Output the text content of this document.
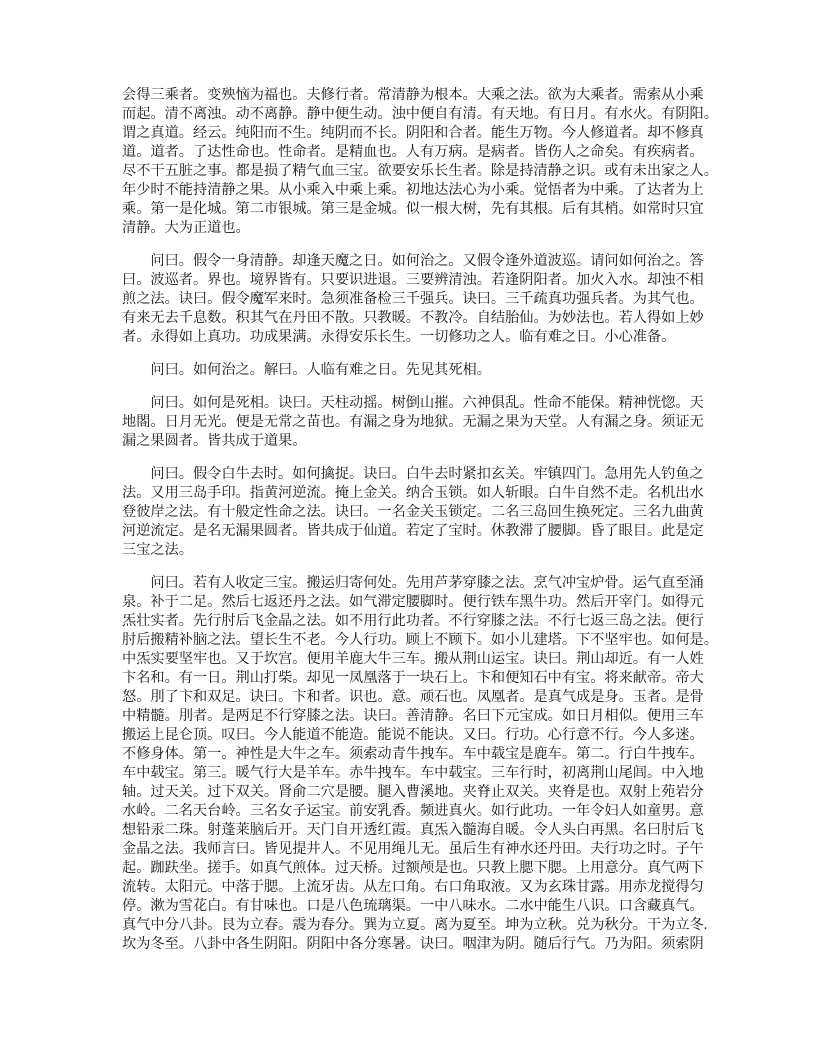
会得三乘者。变殃恼为福也。夫修行者。常清静为根本。大乘之法。欲为大乘者。需索从小乘
而起。清不离浊。动不离静。静中便生动。浊中便自有清。有天地。有日月。有水火。有阴阳。
谓之真道。经云。纯阳而不生。纯阴而不长。阴阳和合者。能生万物。今人修道者。却不修真
道。道者。了达性命也。性命者。是精血也。人有万病。是病者。皆伤人之命矣。有疾病者。
尽不干五脏之事。都是损了精气血三宝。欲要安乐长生者。除是持清静之识。或有未出家之人。
年少时不能持清静之果。从小乘入中乘上乘。初地达法心为小乘。觉悟者为中乘。了达者为上
乘。第一是化城。第二市银城。第三是金城。似一根大树，先有其根。后有其梢。如常时只宜
清静。大为正道也。
　　问曰。假令一身清静。却逢天魔之日。如何治之。又假令逢外道波巡。请问如何治之。答
曰。波巡者。界也。境界皆有。只要识进退。三要辨清浊。若逢阴阳者。加火入水。却浊不相
煎之法。诀曰。假令魔军来时。急须准备检三千强兵。诀曰。三千疏真功强兵者。为其气也。
有来无去千息数。积其气在丹田不散。只教暖。不教冷。自结胎仙。为妙法也。若人得如上妙
者。永得如上真功。功成果满。永得安乐长生。一切修功之人。临有难之日。小心准备。
　　问曰。如何治之。解曰。人临有难之日。先见其死相。
　　问曰。如何是死相。诀曰。天柱动摇。树倒山摧。六神俱乱。性命不能保。精神恍惚。天
地閤。日月无光。便是无常之苗也。有漏之身为地狱。无漏之果为天堂。人有漏之身。须证无
漏之果圆者。皆共成于道果。
　　问曰。假令白牛去时。如何擒捉。诀曰。白牛去时紧扣玄关。牢镇四门。急用先人钓鱼之
法。又用三岛手印。指黄河逆流。掩上金关。纳合玉锁。如人斩眼。白牛自然不走。名机出水
登彼岸之法。有十般定性命之法。诀曰。一名金关玉锁定。二名三岛回生换死定。三名九曲黄
河逆流定。是名无漏果圆者。皆共成于仙道。若定了宝时。休教滞了腰脚。昏了眼目。此是定
三宝之法。
　　问曰。若有人收定三宝。搬运归寄何处。先用芦茅穿膝之法。烹气冲宝炉骨。运气直至涌
泉。补于二足。然后七返还丹之法。如气滞定腰脚时。便行铁车黑牛功。然后开宰门。如得元
炁壮实者。先行肘后飞金晶之法。如不用行此功者。不行穿膝之法。不行七返三岛之法。便行
肘后搬精补脑之法。望长生不老。今人行功。顾上不顾下。如小儿建塔。下不坚牢也。如何是。
中炁实要坚牢也。又于坎宫。便用羊鹿大牛三车。搬从荆山运宝。诀曰。荆山却近。有一人姓
卞名和。有一日。荆山打柴。却见一凤凰落于一块石上。卞和便知石中有宝。将来献帝。帝大
怒。刖了卞和双足。诀曰。卞和者。识也。意。顽石也。凤凰者。是真气成是身。玉者。是骨
中精髓。刖者。是两足不行穿膝之法。诀曰。善清静。名曰下元宝成。如日月相似。便用三车
搬运上昆仑顶。叹曰。今人能道不能造。能说不能诀。又曰。行功。心行意不行。今人多迷。
不修身体。第一。神性是大牛之车。须索动青牛拽车。车中载宝是鹿车。第二。行白牛拽车。
车中载宝。第三。暖气行大是羊车。赤牛拽车。车中载宝。三车行时，初离荆山尾闾。中入地
轴。过天关。过下双关。肾俞二穴是腰。腿入曹溪地。夹脊止双关。夹脊是也。双射上苑岩分
水岭。二名天台岭。三名女子运宝。前安乳香。频进真火。如行此功。一年令妇人如童男。意
想铅汞二珠。射蓬莱脑后开。天门自开透红霞。真炁入髓海自暖。令人头白再黑。名曰肘后飞
金晶之法。我师言曰。皆见提井人。不见用绳儿无。虽后生有神水还丹田。夫行功之时。子午
起。跏趺坐。搓手。如真气煎体。过天桥。过额颅是也。只教上腮下腮。上用意分。真气两下
流转。太阳元。中落于腮。上流牙齿。从左口角。右口角取液。又为玄珠甘露。用赤龙搅得匀
停。漱为雪花白。有甘味也。口是八色琉璃渠。一中八味水。二水中能生八识。口含藏真气。
真气中分八卦。艮为立春。震为春分。巽为立夏。离为夏至。坤为立秋。兑为秋分。干为立冬.
坎为冬至。八卦中各生阴阳。阴阳中各分寒暑。诀曰。咽津为阴。随后行气。乃为阳。须索阴
